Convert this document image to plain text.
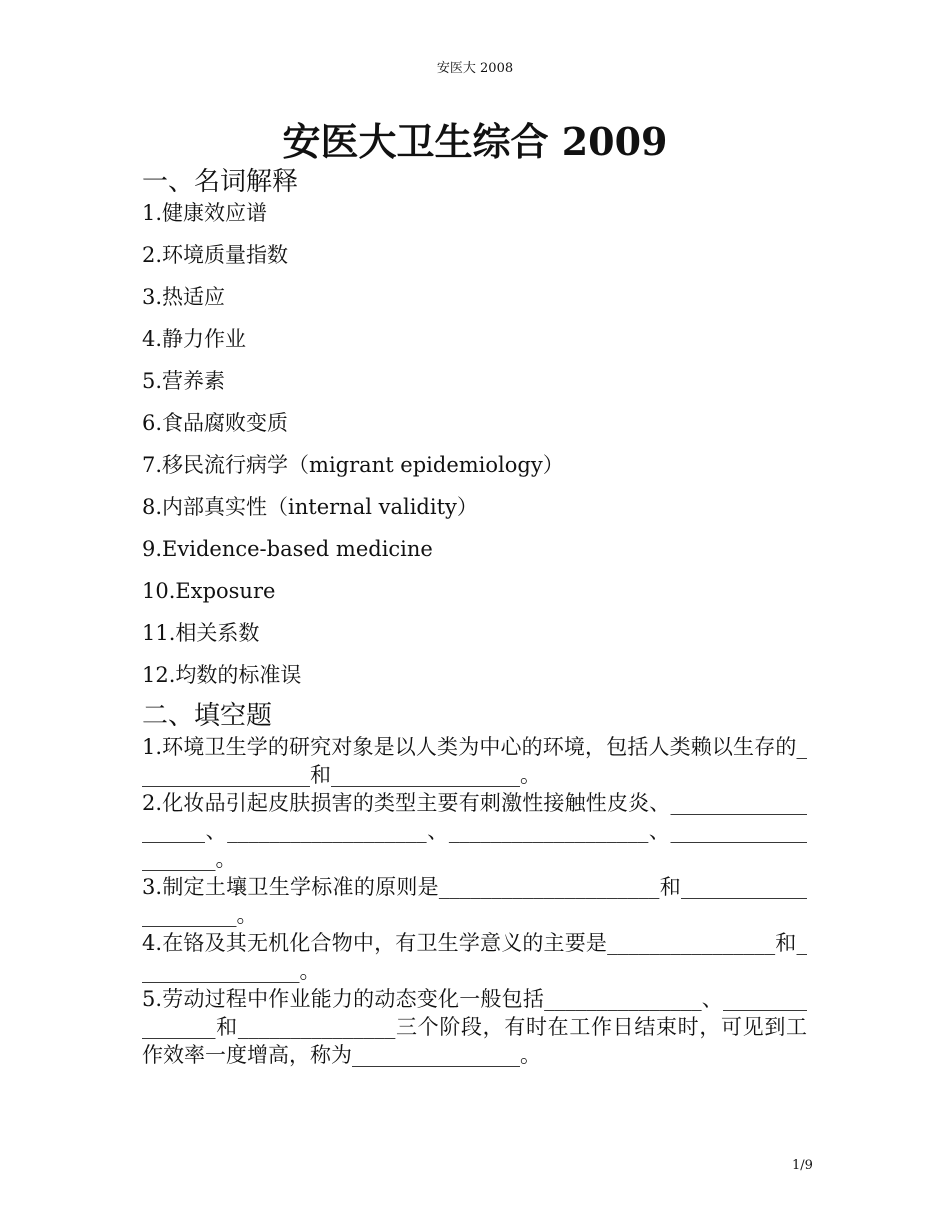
安医大 2008
安医大卫生综合 2009
一、名词解释
1.健康效应谱
2.环境质量指数
3.热适应
4.静力作业
5.营养素
6.食品腐败变质
7.移民流行病学（migrant epidemiology）
8.内部真实性（internal validity）
9.Evidence-based medicine
10.Exposure
11.相关系数
12.均数的标准误
二、填空题
1.环境卫生学的研究对象是以人类为中心的环境，包括人类赖以生存的_________________和__________________。
2.化妆品引起皮肤损害的类型主要有刺激性接触性皮炎、___________________、___________________、___________________、____________________。
3.制定土壤卫生学标准的原则是_____________________和_____________________。
4.在铬及其无机化合物中，有卫生学意义的主要是________________和________________。
5.劳动过程中作业能力的动态变化一般包括_______________、_______________和_______________三个阶段，有时在工作日结束时，可见到工作效率一度增高，称为________________。
1/9
